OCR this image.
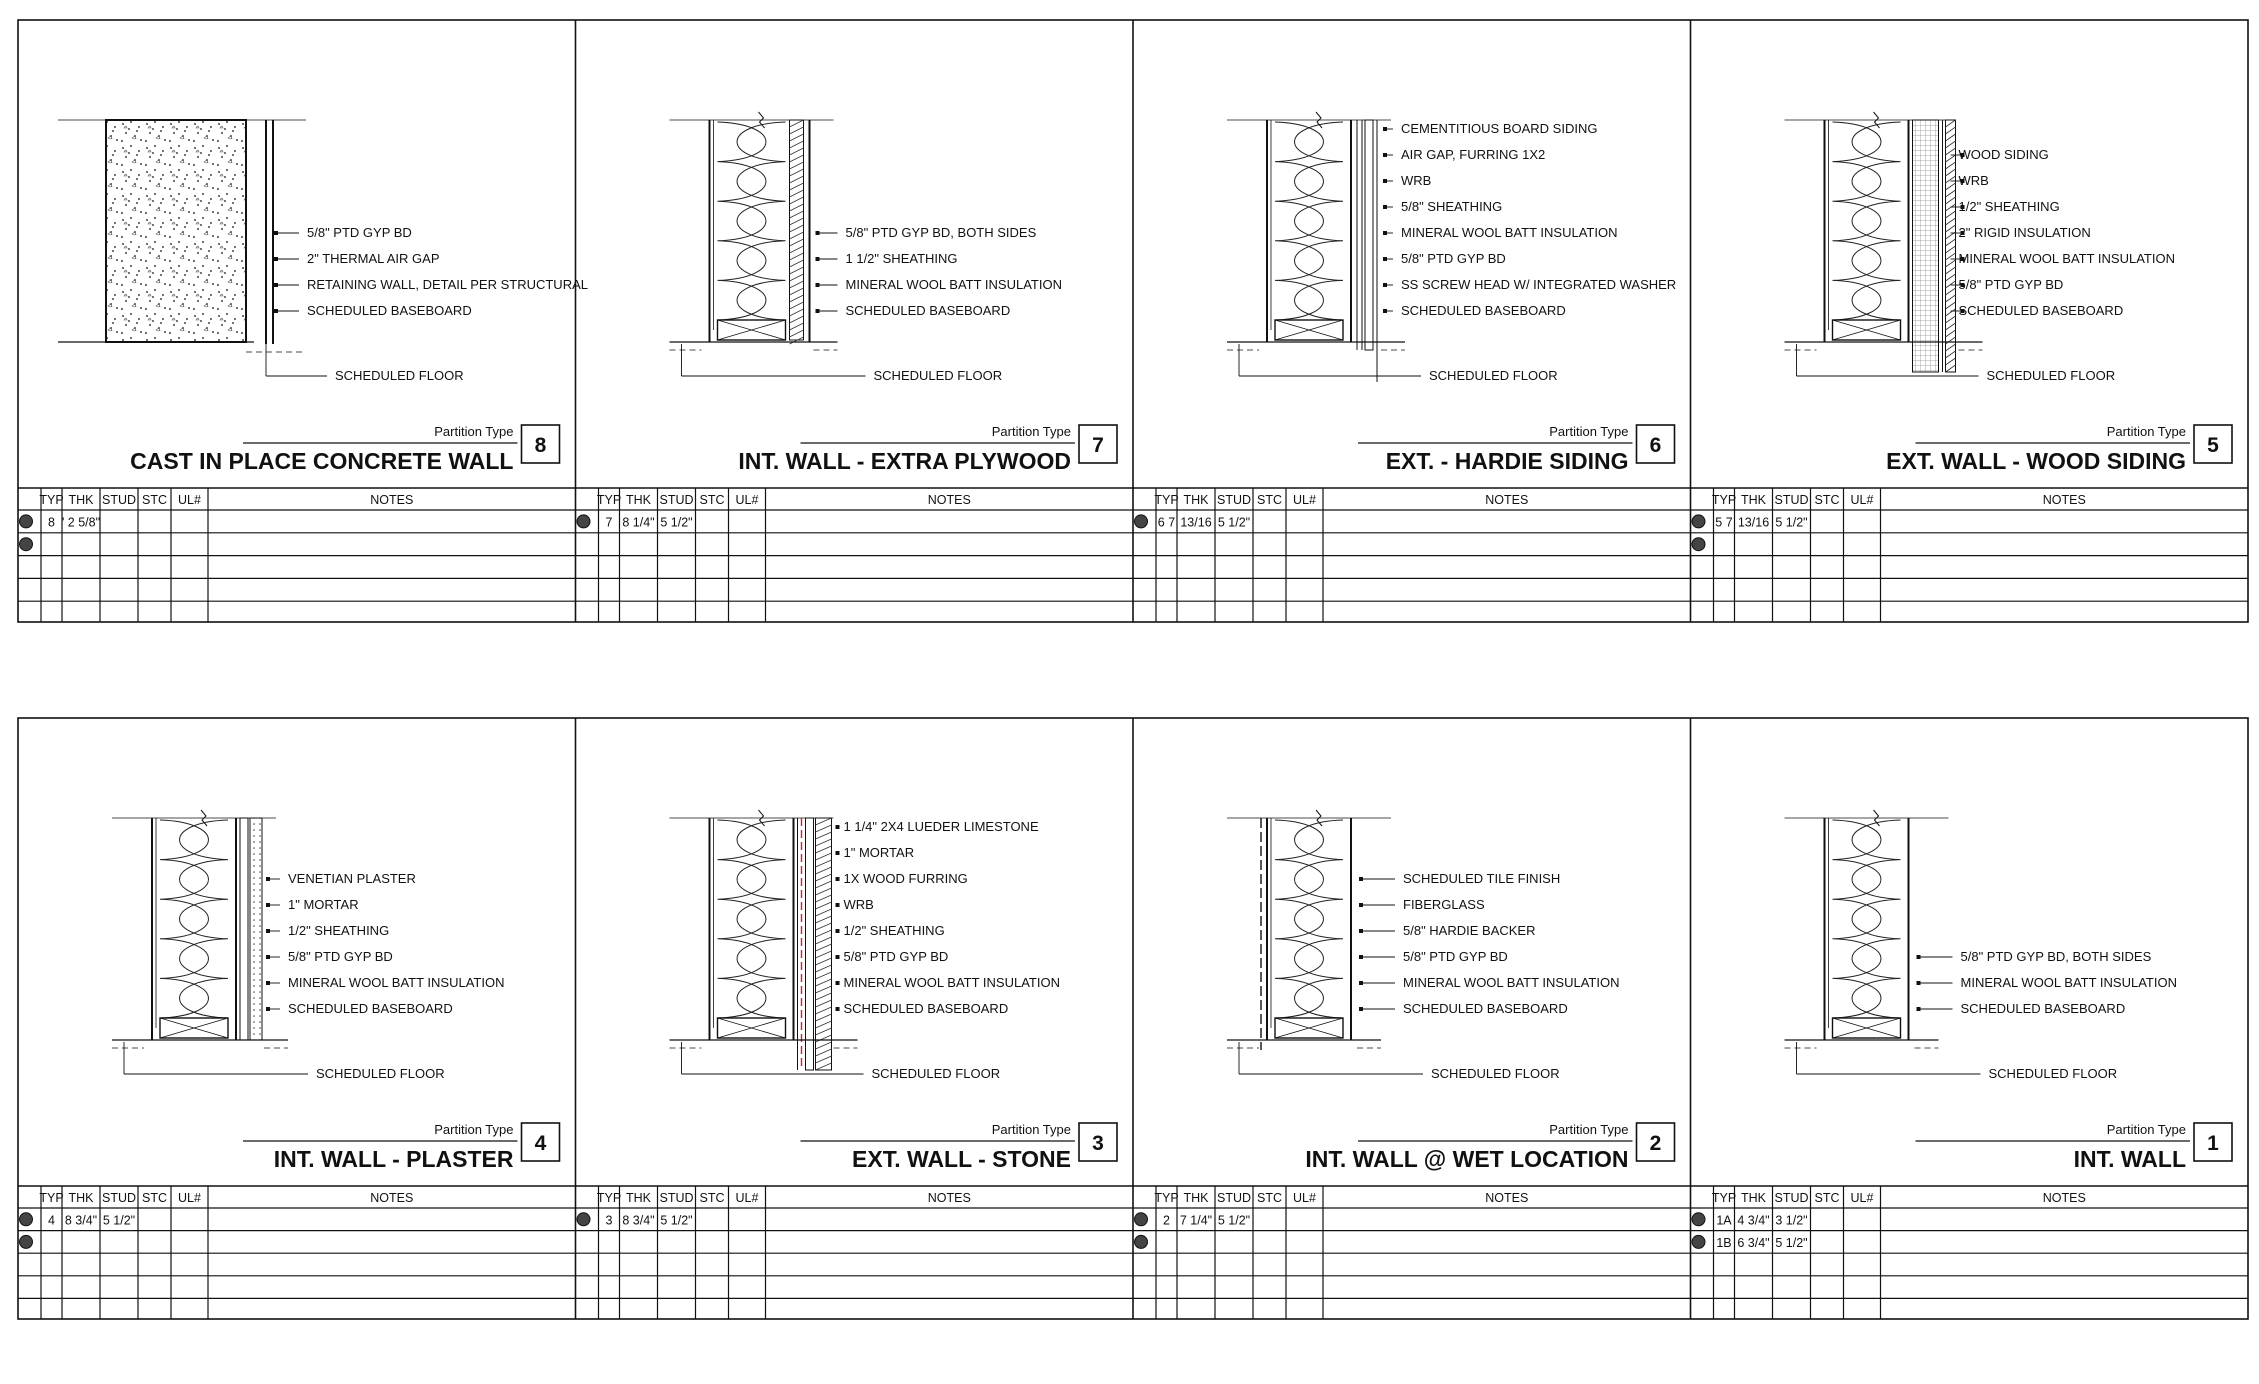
5/8" PTD GYP BD
2" THERMAL AIR GAP
RETAINING WALL, DETAIL PER STRUCTURAL
SCHEDULED BASEBOARD
SCHEDULED FLOOR
8
Partition Type
CAST IN PLACE CONCRETE WALL
TYP THK STUD STC UL#	NOTES
8 ' 2 5/8"
5/8" PTD GYP BD, BOTH SIDES
1 1/2" SHEATHING
MINERAL WOOL BATT INSULATION
SCHEDULED BASEBOARD
SCHEDULED FLOOR
7
Partition Type
INT. WALL - EXTRA PLYWOOD
TYP THK STUD STC UL#	NOTES
7 8 1/4" 5 1/2"
CEMENTITIOUS BOARD SIDING
AIR GAP, FURRING 1X2
WRB
5/8" SHEATHING
MINERAL WOOL BATT INSULATION
5/8" PTD GYP BD
SS SCREW HEAD W/ INTEGRATED WASHER
SCHEDULED BASEBOARD
SCHEDULED FLOOR
6
Partition Type
EXT. - HARDIE SIDING
TYP THK STUD STC UL#	NOTES
6 7 13/16 5 1/2"
WOOD SIDING
WRB
1/2" SHEATHING
2" RIGID INSULATION
MINERAL WOOL BATT INSULATION
5/8" PTD GYP BD
SCHEDULED BASEBOARD
SCHEDULED FLOOR
5
Partition Type
EXT. WALL - WOOD SIDING
TYP THK STUD STC UL#	NOTES
5 7 13/16 5 1/2"
VENETIAN PLASTER
1" MORTAR
1/2" SHEATHING
5/8" PTD GYP BD
MINERAL WOOL BATT INSULATION
SCHEDULED BASEBOARD
SCHEDULED FLOOR
4
Partition Type
INT. WALL - PLASTER
TYP THK STUD STC UL#	NOTES
4 8 3/4" 5 1/2"
1 1/4" 2X4 LUEDER LIMESTONE
1" MORTAR
1X WOOD FURRING
WRB
1/2" SHEATHING
5/8" PTD GYP BD
MINERAL WOOL BATT INSULATION
SCHEDULED BASEBOARD
SCHEDULED FLOOR
3
Partition Type
EXT. WALL - STONE
TYP THK STUD STC UL#	NOTES
3 8 3/4" 5 1/2"
SCHEDULED TILE FINISH
FIBERGLASS
5/8" HARDIE BACKER
5/8" PTD GYP BD
MINERAL WOOL BATT INSULATION
SCHEDULED BASEBOARD
SCHEDULED FLOOR
2
Partition Type
INT. WALL @ WET LOCATION
TYP THK STUD STC UL#	NOTES
2 7 1/4" 5 1/2"
5/8" PTD GYP BD, BOTH SIDES
MINERAL WOOL BATT INSULATION
SCHEDULED BASEBOARD
SCHEDULED FLOOR
1
Partition Type
INT. WALL
TYP THK STUD STC UL#	NOTES
1A 4 3/4" 3 1/2"
1B 6 3/4" 5 1/2"
